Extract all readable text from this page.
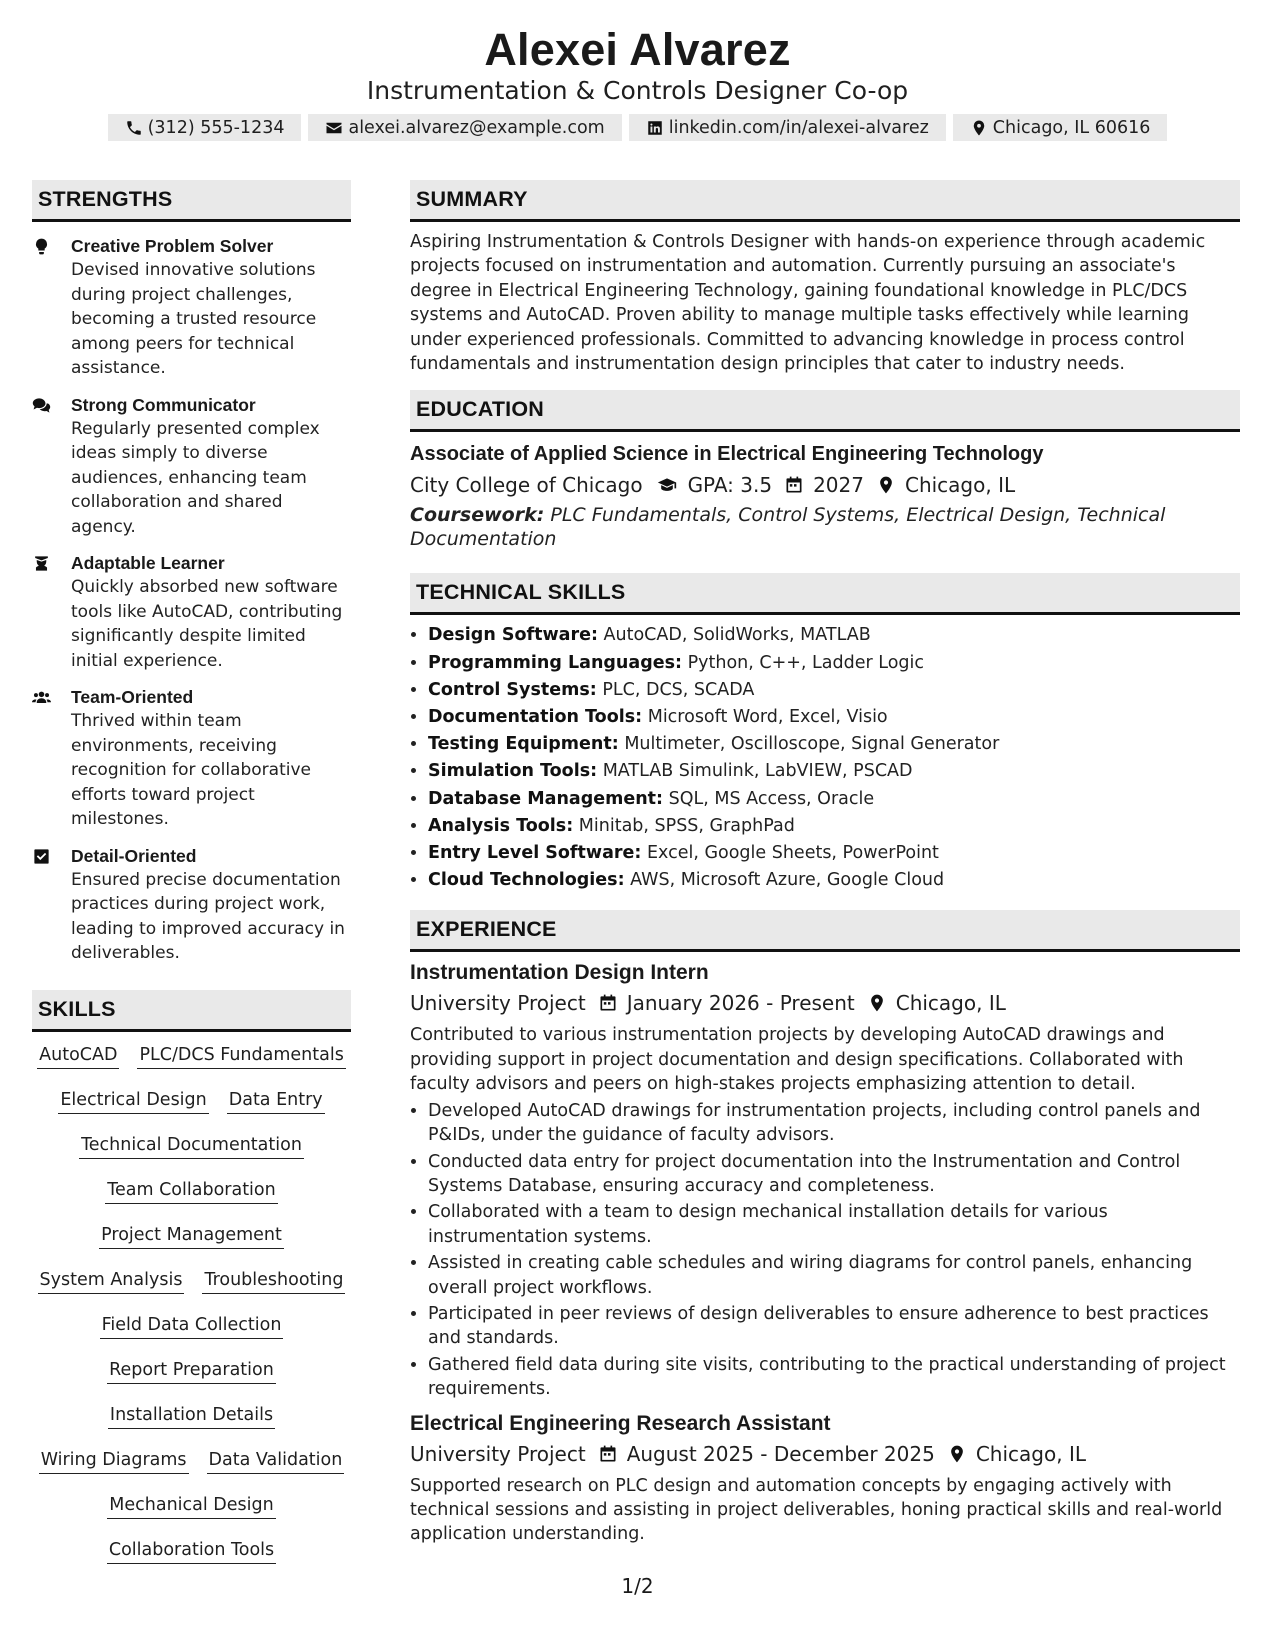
Alexei Alvarez
Instrumentation & Controls Designer Co-op
(312) 555-1234	alexei.alvarez@example.com	linkedin.com/in/alexei-alvarez	Chicago, IL 60616
STRENGTHS
Creative Problem Solver
Devised innovative solutions during project challenges, becoming a trusted resource among peers for technical assistance.
Strong Communicator
Regularly presented complex ideas simply to diverse audiences, enhancing team collaboration and shared agency.
Adaptable Learner
Quickly absorbed new software tools like AutoCAD, contributing significantly despite limited initial experience.
Team-Oriented
Thrived within team environments, receiving recognition for collaborative efforts toward project milestones.
Detail-Oriented
Ensured precise documentation practices during project work, leading to improved accuracy in deliverables.
SKILLS
AutoCAD PLC/DCS Fundamentals
Electrical Design Data Entry
Technical Documentation
Team Collaboration
Project Management
System Analysis Troubleshooting
Field Data Collection
Report Preparation
Installation Details
Wiring Diagrams Data Validation
Mechanical Design
Collaboration Tools
SUMMARY
Aspiring Instrumentation & Controls Designer with hands-on experience through academic projects focused on instrumentation and automation. Currently pursuing an associate's degree in Electrical Engineering Technology, gaining foundational knowledge in PLC/DCS systems and AutoCAD. Proven ability to manage multiple tasks effectively while learning under experienced professionals. Committed to advancing knowledge in process control fundamentals and instrumentation design principles that cater to industry needs.
EDUCATION
Associate of Applied Science in Electrical Engineering Technology
City College of Chicago GPA: 3.5 2027 Chicago, IL
Coursework: PLC Fundamentals, Control Systems, Electrical Design, Technical Documentation
TECHNICAL SKILLS
• Design Software: AutoCAD, SolidWorks, MATLAB
• Programming Languages: Python, C++, Ladder Logic
• Control Systems: PLC, DCS, SCADA
• Documentation Tools: Microsoft Word, Excel, Visio
• Testing Equipment: Multimeter, Oscilloscope, Signal Generator
• Simulation Tools: MATLAB Simulink, LabVIEW, PSCAD
• Database Management: SQL, MS Access, Oracle
• Analysis Tools: Minitab, SPSS, GraphPad
• Entry Level Software: Excel, Google Sheets, PowerPoint
• Cloud Technologies: AWS, Microsoft Azure, Google Cloud
EXPERIENCE
Instrumentation Design Intern
University Project January 2026 - Present Chicago, IL
Contributed to various instrumentation projects by developing AutoCAD drawings and providing support in project documentation and design specifications. Collaborated with faculty advisors and peers on high-stakes projects emphasizing attention to detail.
• Developed AutoCAD drawings for instrumentation projects, including control panels and P&IDs, under the guidance of faculty advisors.
• Conducted data entry for project documentation into the Instrumentation and Control Systems Database, ensuring accuracy and completeness.
• Collaborated with a team to design mechanical installation details for various instrumentation systems.
• Assisted in creating cable schedules and wiring diagrams for control panels, enhancing overall project workflows.
• Participated in peer reviews of design deliverables to ensure adherence to best practices and standards.
• Gathered field data during site visits, contributing to the practical understanding of project requirements.
Electrical Engineering Research Assistant
University Project August 2025 - December 2025 Chicago, IL
Supported research on PLC design and automation concepts by engaging actively with technical sessions and assisting in project deliverables, honing practical skills and real-world application understanding.
1/2
